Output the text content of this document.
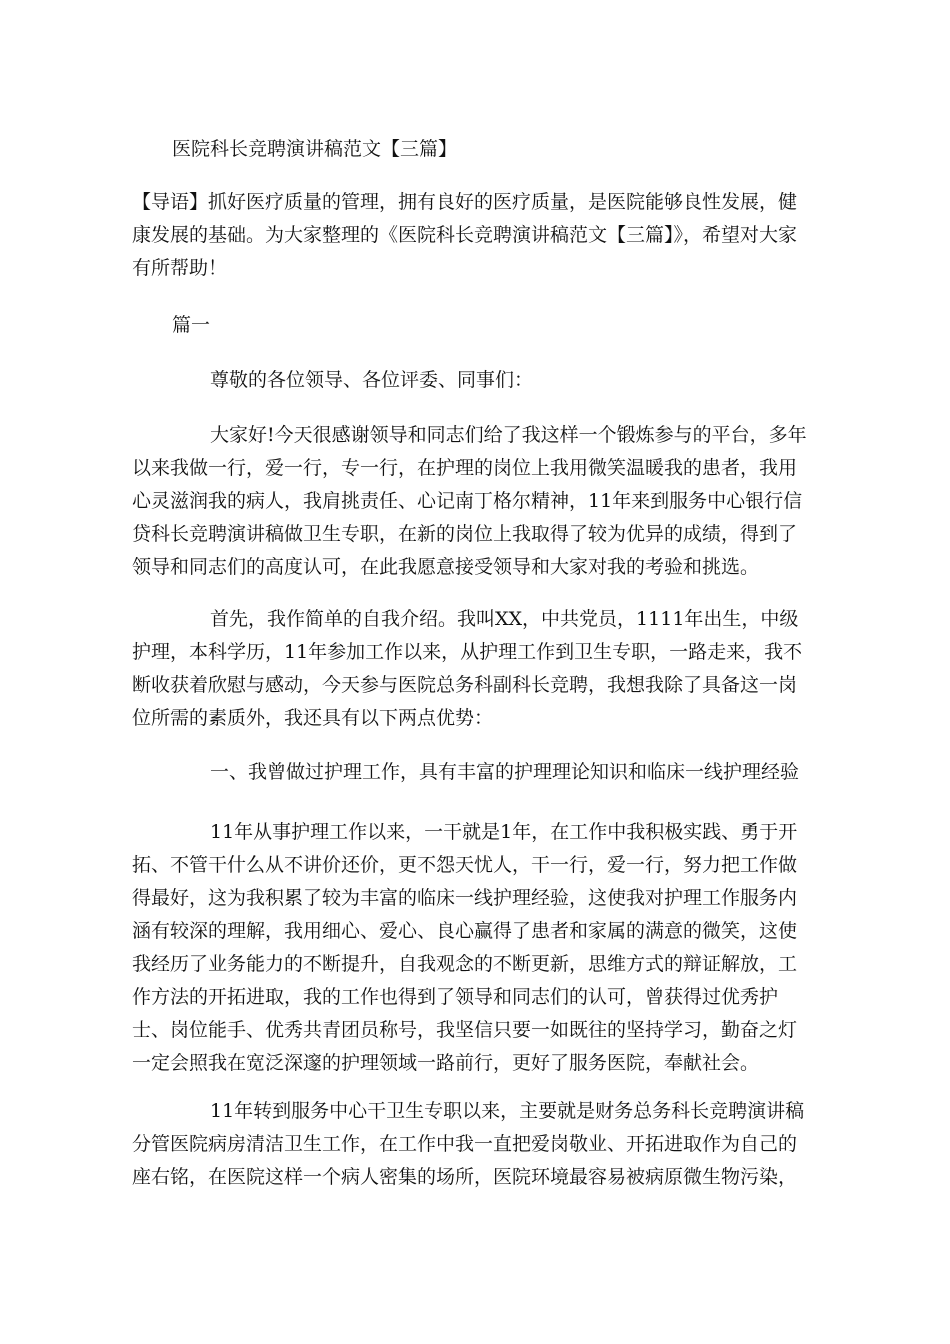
医院科长竞聘演讲稿范文【三篇】

【导语】抓好医疗质量的管理，拥有良好的医疗质量，是医院能够良性发展，健康发展的基础。为大家整理的《医院科长竞聘演讲稿范文【三篇】》，希望对大家有所帮助！

篇一

尊敬的各位领导、各位评委、同事们：

大家好!今天很感谢领导和同志们给了我这样一个锻炼参与的平台，多年以来我做一行，爱一行，专一行，在护理的岗位上我用微笑温暖我的患者，我用心灵滋润我的病人，我肩挑责任、心记南丁格尔精神，11年来到服务中心银行信贷科长竞聘演讲稿做卫生专职，在新的岗位上我取得了较为优异的成绩，得到了领导和同志们的高度认可，在此我愿意接受领导和大家对我的考验和挑选。

首先，我作简单的自我介绍。我叫XX，中共党员，1111年出生，中级护理，本科学历，11年参加工作以来，从护理工作到卫生专职，一路走来，我不断收获着欣慰与感动，今天参与医院总务科副科长竞聘，我想我除了具备这一岗位所需的素质外，我还具有以下两点优势：

一、我曾做过护理工作，具有丰富的护理理论知识和临床一线护理经验

11年从事护理工作以来，一干就是1年，在工作中我积极实践、勇于开拓、不管干什么从不讲价还价，更不怨天忧人，干一行，爱一行，努力把工作做得最好，这为我积累了较为丰富的临床一线护理经验，这使我对护理工作服务内涵有较深的理解，我用细心、爱心、良心赢得了患者和家属的满意的微笑，这使我经历了业务能力的不断提升，自我观念的不断更新，思维方式的辩证解放，工作方法的开拓进取，我的工作也得到了领导和同志们的认可，曾获得过优秀护士、岗位能手、优秀共青团员称号，我坚信只要一如既往的坚持学习，勤奋之灯一定会照我在宽泛深邃的护理领域一路前行，更好了服务医院，奉献社会。

11年转到服务中心干卫生专职以来，主要就是财务总务科长竞聘演讲稿分管医院病房清洁卫生工作，在工作中我一直把爱岗敬业、开拓进取作为自己的座右铭，在医院这样一个病人密集的场所，医院环境最容易被病原微生物污染，
